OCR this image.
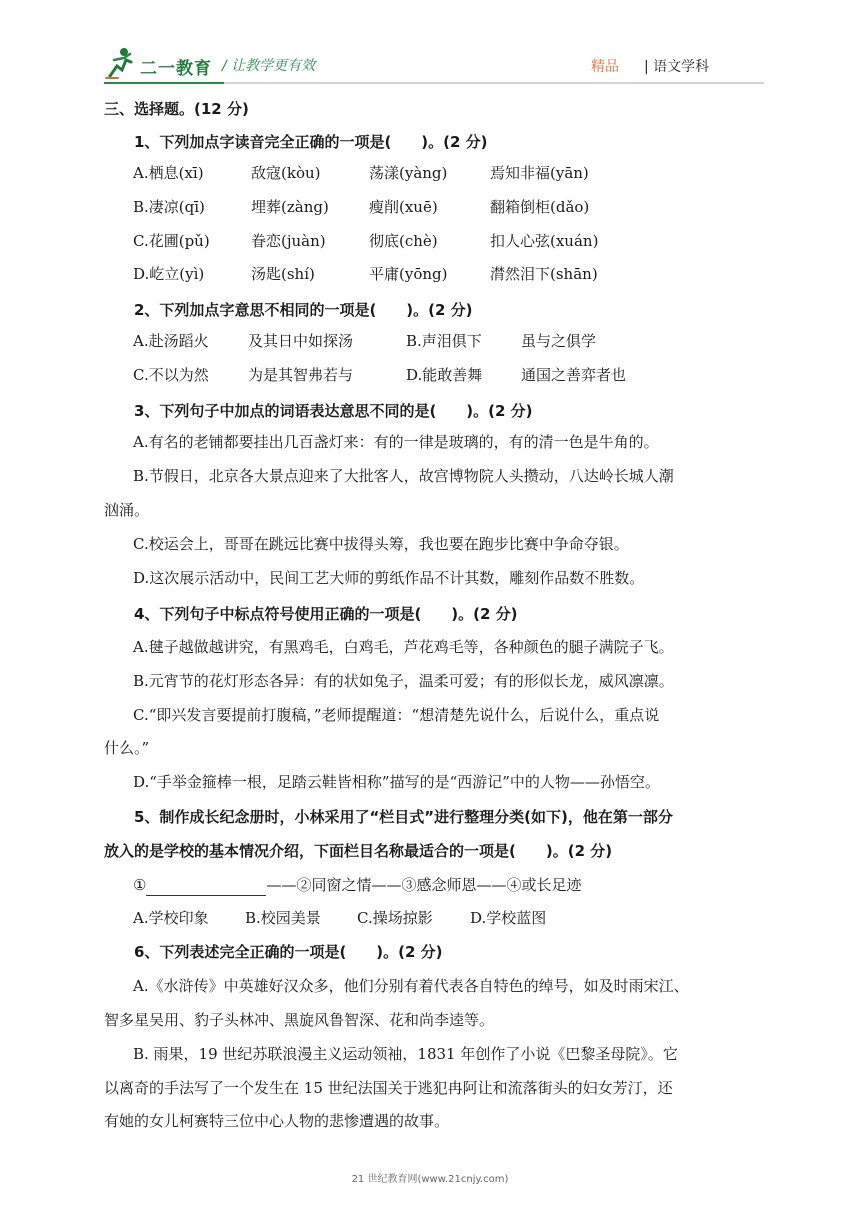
二一教育 / 让教学更有效	精品 | 语文学科
三、选择题。(12 分)
1、下列加点字读音完全正确的一项是(　　)。(2 分)
A.栖息(xī)	敌寇(kòu)	荡漾(yàng)	焉知非福(yān)
B.凄凉(qī)	埋葬(zàng)	瘦削(xuē)	翻箱倒柜(dǎo)
C.花圃(pǔ)	眷恋(juàn)	彻底(chè)	扣人心弦(xuán)
D.屹立(yì)	汤匙(shí)	平庸(yōng)	潸然泪下(shān)
2、下列加点字意思不相同的一项是(　　)。(2 分)
A.赴汤蹈火	及其日中如探汤	B.声泪俱下	虽与之俱学
C.不以为然	为是其智弗若与	D.能敢善舞	通国之善弈者也
3、下列句子中加点的词语表达意思不同的是(　　)。(2 分)
A.有名的老铺都要挂出几百盏灯来：有的一律是玻璃的，有的清一色是牛角的。
B.节假日，北京各大景点迎来了大批客人，故宫博物院人头攒动，八达岭长城人潮
汹涌。
C.校运会上，哥哥在跳远比赛中拔得头筹，我也要在跑步比赛中争命夺银。
D.这次展示活动中，民间工艺大师的剪纸作品不计其数，雕刻作品数不胜数。
4、下列句子中标点符号使用正确的一项是(　　)。(2 分)
A.毽子越做越讲究，有黑鸡毛，白鸡毛，芦花鸡毛等，各种颜色的腿子满院子飞。
B.元宵节的花灯形态各异：有的状如兔子，温柔可爱；有的形似长龙，威风凛凛。
C.“即兴发言要提前打腹稿，”老师提醒道：“想清楚先说什么，后说什么，重点说
什么。”
D.“手举金箍棒一根，足踏云鞋皆相称”描写的是“西游记”中的人物——孙悟空。
5、制作成长纪念册时，小林采用了“栏目式”进行整理分类(如下)，他在第一部分
放入的是学校的基本情况介绍，下面栏目名称最适合的一项是(　　)。(2 分)
①	——②同窗之情——③感念师恩——④或长足迹
A.学校印象 B.校园美景 C.操场掠影 D.学校蓝图
6、下列表述完全正确的一项是(　　)。(2 分)
A.《水浒传》中英雄好汉众多，他们分别有着代表各自特色的绰号，如及时雨宋江、
智多星吴用、豹子头林冲、黑旋风鲁智深、花和尚李逵等。
B. 雨果，19 世纪苏联浪漫主义运动领袖，1831 年创作了小说《巴黎圣母院》。它
以离奇的手法写了一个发生在 15 世纪法国关于逃犯冉阿让和流落街头的妇女芳汀，还
有她的女儿柯赛特三位中心人物的悲惨遭遇的故事。
21 世纪教育网(www.21cnjy.com)
